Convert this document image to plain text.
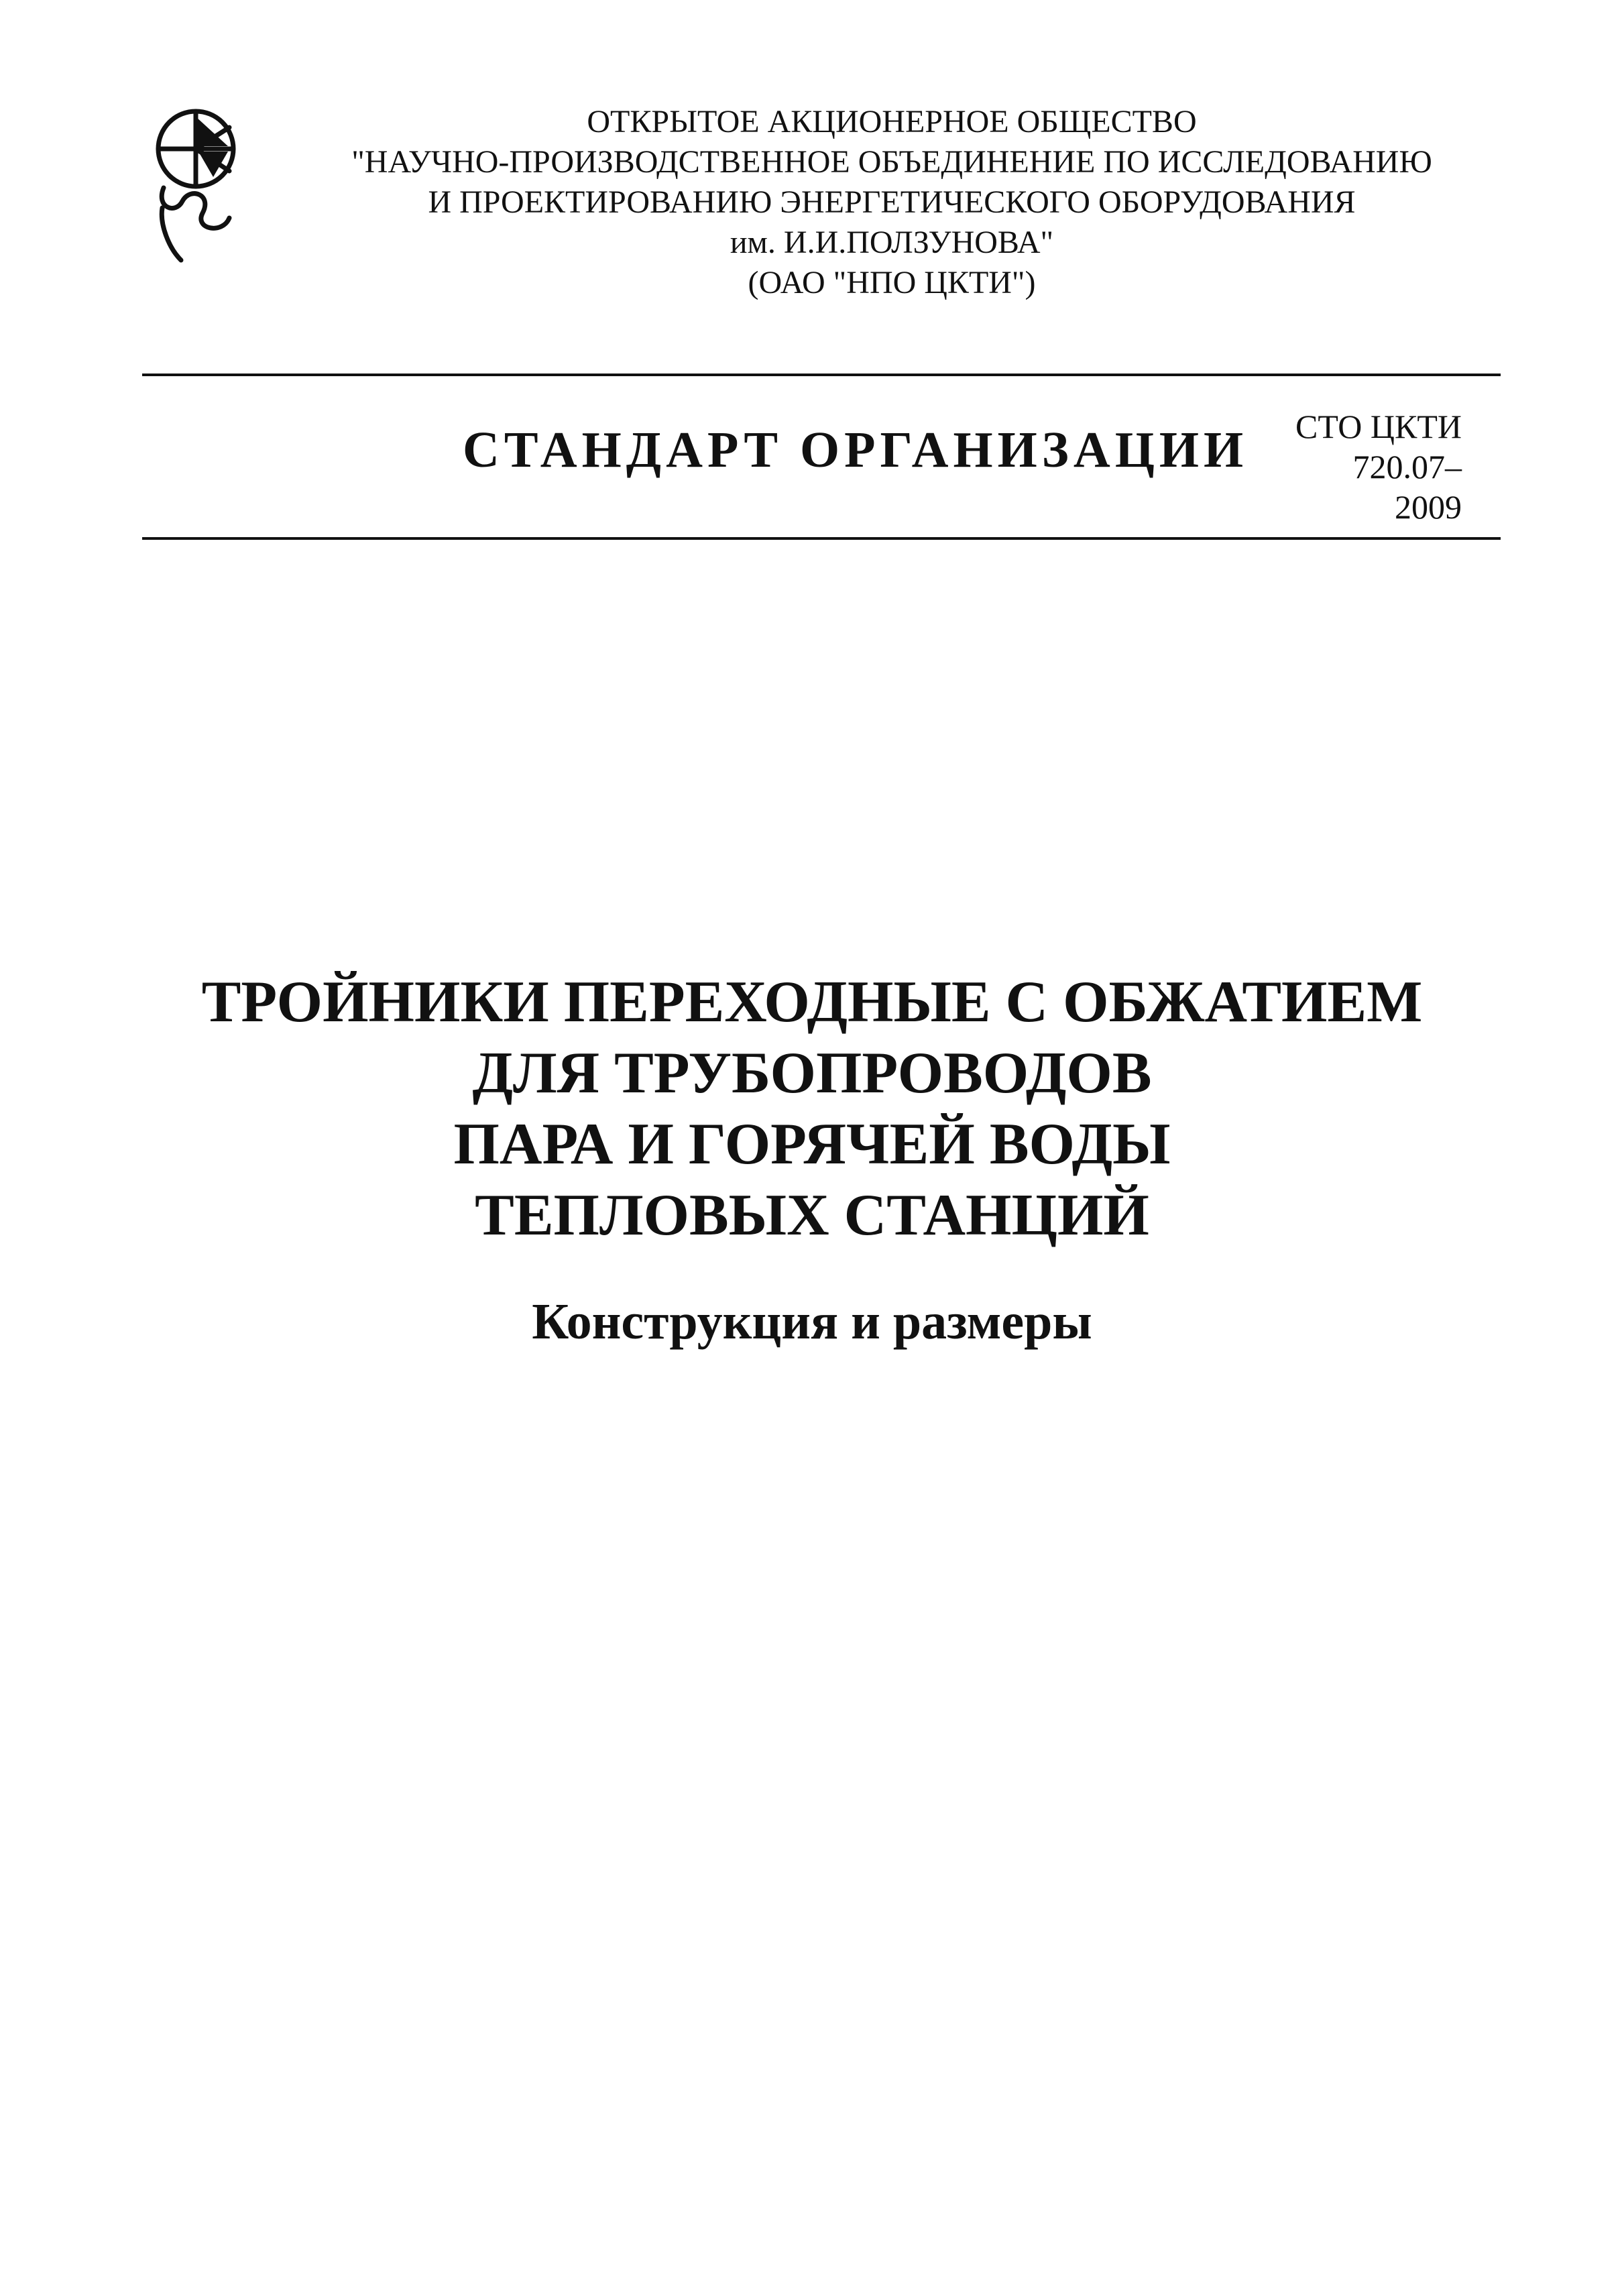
ОТКРЫТОЕ АКЦИОНЕРНОЕ ОБЩЕСТВО
"НАУЧНО-ПРОИЗВОДСТВЕННОЕ ОБЪЕДИНЕНИЕ ПО ИССЛЕДОВАНИЮ
И ПРОЕКТИРОВАНИЮ ЭНЕРГЕТИЧЕСКОГО ОБОРУДОВАНИЯ
им. И.И.ПОЛЗУНОВА"
(ОАО "НПО ЦКТИ")
СТАНДАРТ ОРГАНИЗАЦИИ	СТО ЦКТИ
720.07–
2009
ТРОЙНИКИ ПЕРЕХОДНЫЕ С ОБЖАТИЕМ
ДЛЯ ТРУБОПРОВОДОВ
ПАРА И ГОРЯЧЕЙ ВОДЫ
ТЕПЛОВЫХ СТАНЦИЙ
Конструкция и размеры
